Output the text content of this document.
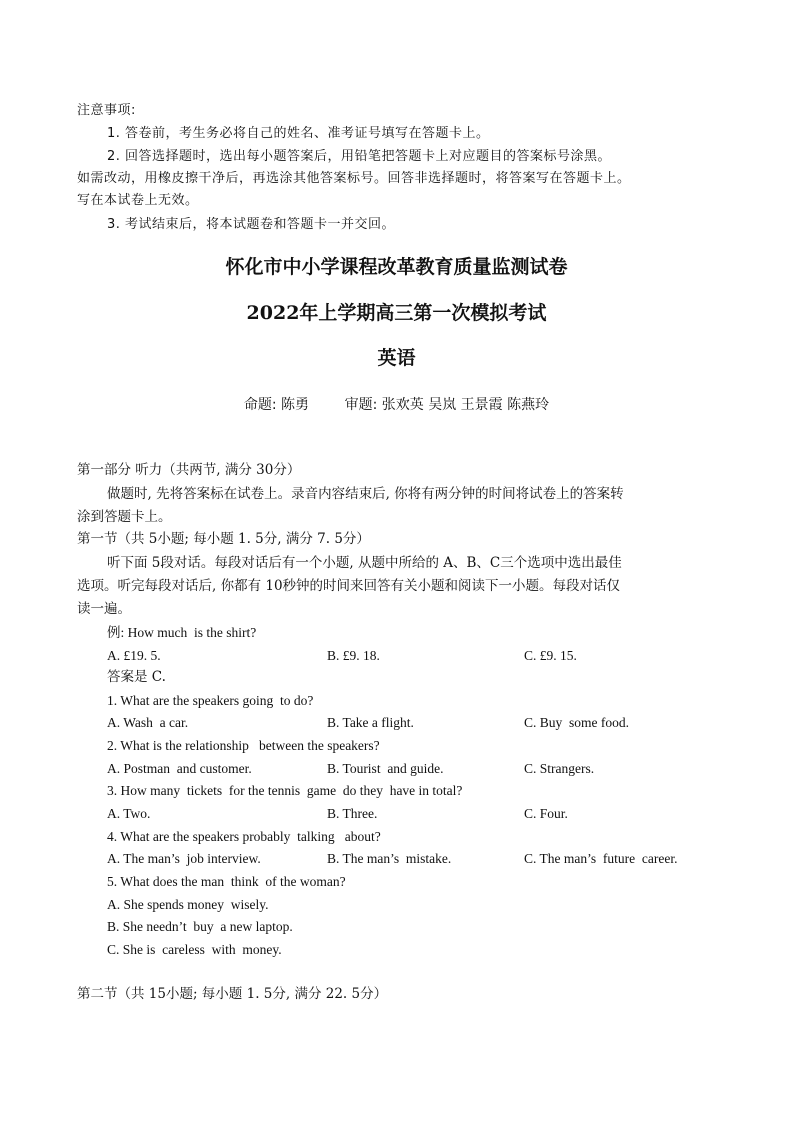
注意事项:
1. 答卷前，考生务必将自己的姓名、准考证号填写在答题卡上。
2. 回答选择题时，选出每小题答案后，用铅笔把答题卡上对应题目的答案标号涂黑。
如需改动，用橡皮擦干净后，再选涂其他答案标号。回答非选择题时，将答案写在答题卡上。
写在本试卷上无效。
3. 考试结束后，将本试题卷和答题卡一并交回。
怀化市中小学课程改革教育质量监测试卷
2022年上学期高三第一次模拟考试
英语
命题: 陈勇        审题: 张欢英 吴岚 王景霞 陈燕玲
第一部分 听力（共两节, 满分 30分）
做题时, 先将答案标在试卷上。录音内容结束后, 你将有两分钟的时间将试卷上的答案转
涂到答题卡上。
第一节（共 5小题; 每小题 1. 5分, 满分 7. 5分）
听下面 5段对话。每段对话后有一个小题, 从题中所给的 A、B、C三个选项中选出最佳
选项。听完每段对话后, 你都有 10秒钟的时间来回答有关小题和阅读下一小题。每段对话仅
读一遍。
例: How much  is the shirt?
A. £19. 5.	B. £9. 18.	C. £9. 15.
答案是 C.
1. What are the speakers going  to do?
A. Wash  a car.	B. Take a flight.	C. Buy  some food.
2. What is the relationship   between the speakers?
A. Postman  and customer.	B. Tourist  and guide.	C. Strangers.
3. How many  tickets  for the tennis  game  do they  have in total?
A. Two.	B. Three.	C. Four.
4. What are the speakers probably  talking   about?
A. The man’s  job interview.	B. The man’s  mistake.	C. The man’s  future  career.
5. What does the man  think  of the woman?
A. She spends money  wisely.
B. She needn’t  buy  a new laptop.
C. She is  careless  with  money.
第二节（共 15小题; 每小题 1. 5分, 满分 22. 5分）
